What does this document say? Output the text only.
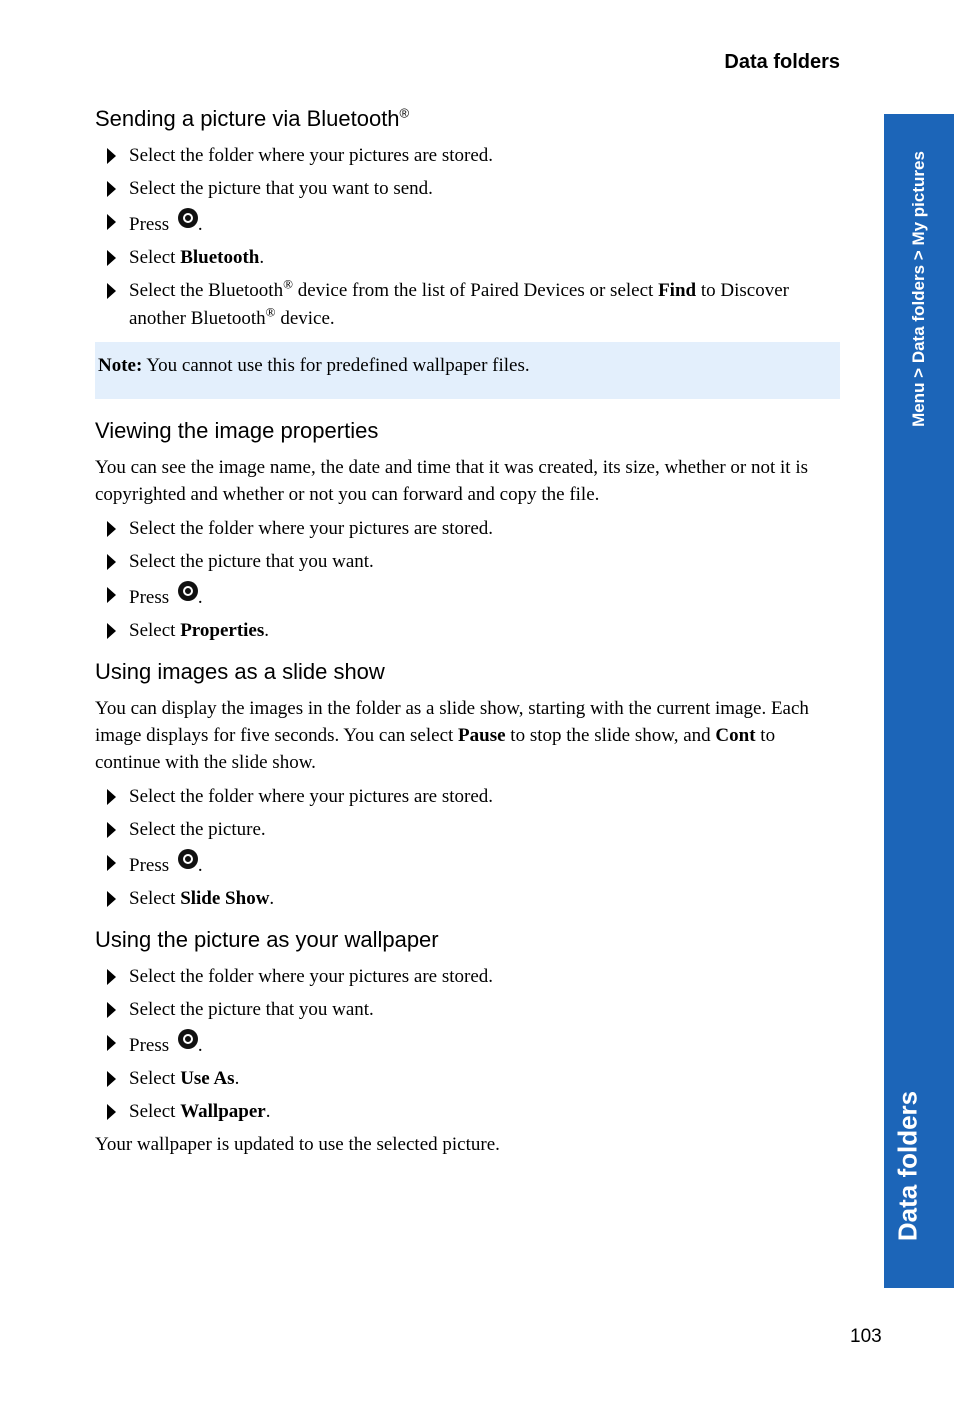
Data folders
Menu > Data folders > My pictures
Data folders
Sending a picture via Bluetooth®
Select the folder where your pictures are stored.
Select the picture that you want to send.
Press .
Select Bluetooth.
Select the Bluetooth® device from the list of Paired Devices or select Find to Discover another Bluetooth® device.
Note: You cannot use this for predefined wallpaper files.
Viewing the image properties

You can see the image name, the date and time that it was created, its size, whether or not it is copyrighted and whether or not you can forward and copy the file.

Select the folder where your pictures are stored.
Select the picture that you want.
Press .
Select Properties.
Using images as a slide show

You can display the images in the folder as a slide show, starting with the current image. Each image displays for five seconds. You can select Pause to stop the slide show, and Cont to continue with the slide show.

Select the folder where your pictures are stored.
Select the picture.
Press .
Select Slide Show.
Using the picture as your wallpaper
Select the folder where your pictures are stored.
Select the picture that you want.
Press .
Select Use As.
Select Wallpaper.

Your wallpaper is updated to use the selected picture.

103
